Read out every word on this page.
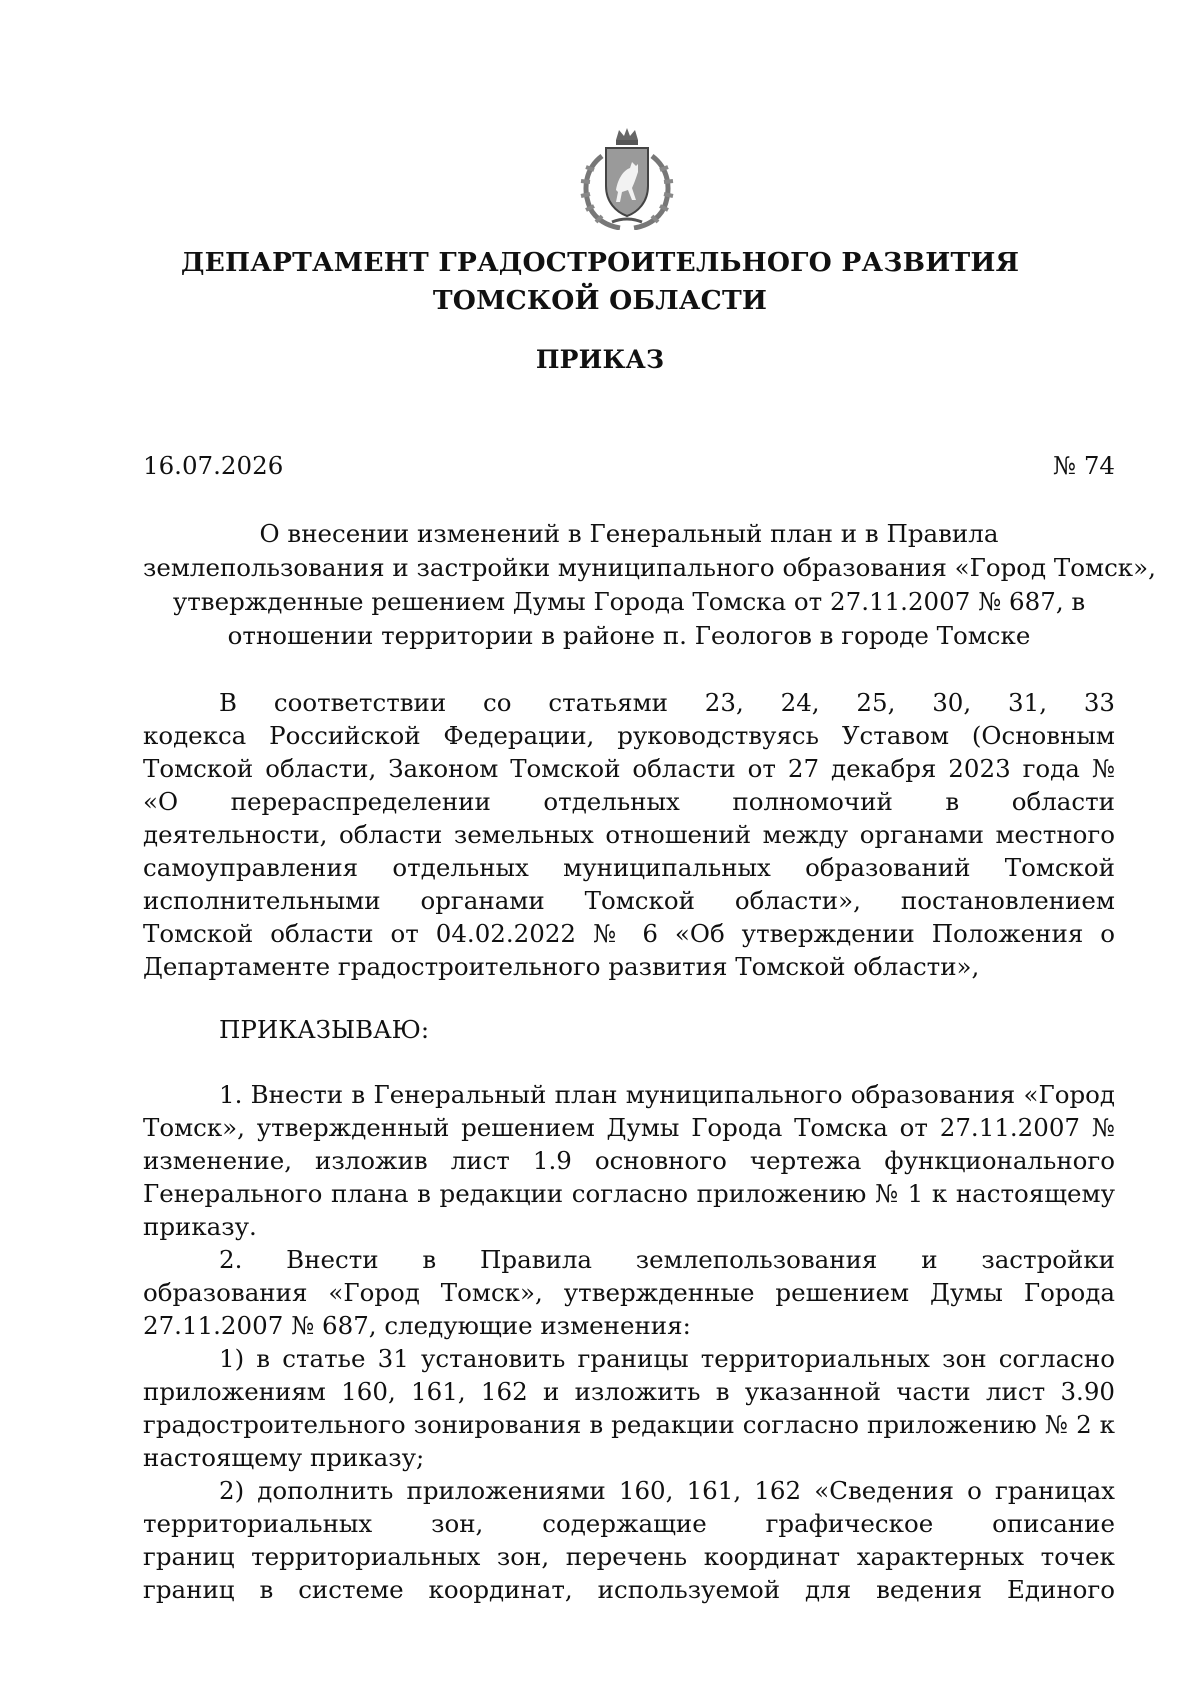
ДЕПАРТАМЕНТ ГРАДОСТРОИТЕЛЬНОГО РАЗВИТИЯ
ТОМСКОЙ ОБЛАСТИ
ПРИКАЗ
16.07.2026	№ 74
О внесении изменений в Генеральный план и в Правила
землепользования и застройки муниципального образования «Город Томск»,
утвержденные решением Думы Города Томска от 27.11.2007 № 687, в
отношении территории в районе п. Геологов в городе Томске
В соответствии со статьями 23, 24, 25, 30, 31, 33
кодекса Российской Федерации, руководствуясь Уставом (Основным
Томской области, Законом Томской области от 27 декабря 2023 года №
«О перераспределении отдельных полномочий в области
деятельности, области земельных отношений между органами местного
самоуправления отдельных муниципальных образований Томской
исполнительными органами Томской области», постановлением
Томской области от 04.02.2022 № 6 «Об утверждении Положения о
Департаменте градостроительного развития Томской области»,
ПРИКАЗЫВАЮ:
1. Внести в Генеральный план муниципального образования «Город
Томск», утвержденный решением Думы Города Томска от 27.11.2007 №
изменение, изложив лист 1.9 основного чертежа функционального
Генерального плана в редакции согласно приложению № 1 к настоящему
приказу.
2. Внести в Правила землепользования и застройки
образования «Город Томск», утвержденные решением Думы Города
27.11.2007 № 687, следующие изменения:
1) в статье 31 установить границы территориальных зон согласно
приложениям 160, 161, 162 и изложить в указанной части лист 3.90
градостроительного зонирования в редакции согласно приложению № 2 к
настоящему приказу;
2) дополнить приложениями 160, 161, 162 «Сведения о границах
территориальных зон, содержащие графическое описание
границ территориальных зон, перечень координат характерных точек
границ в системе координат, используемой для ведения Единого
